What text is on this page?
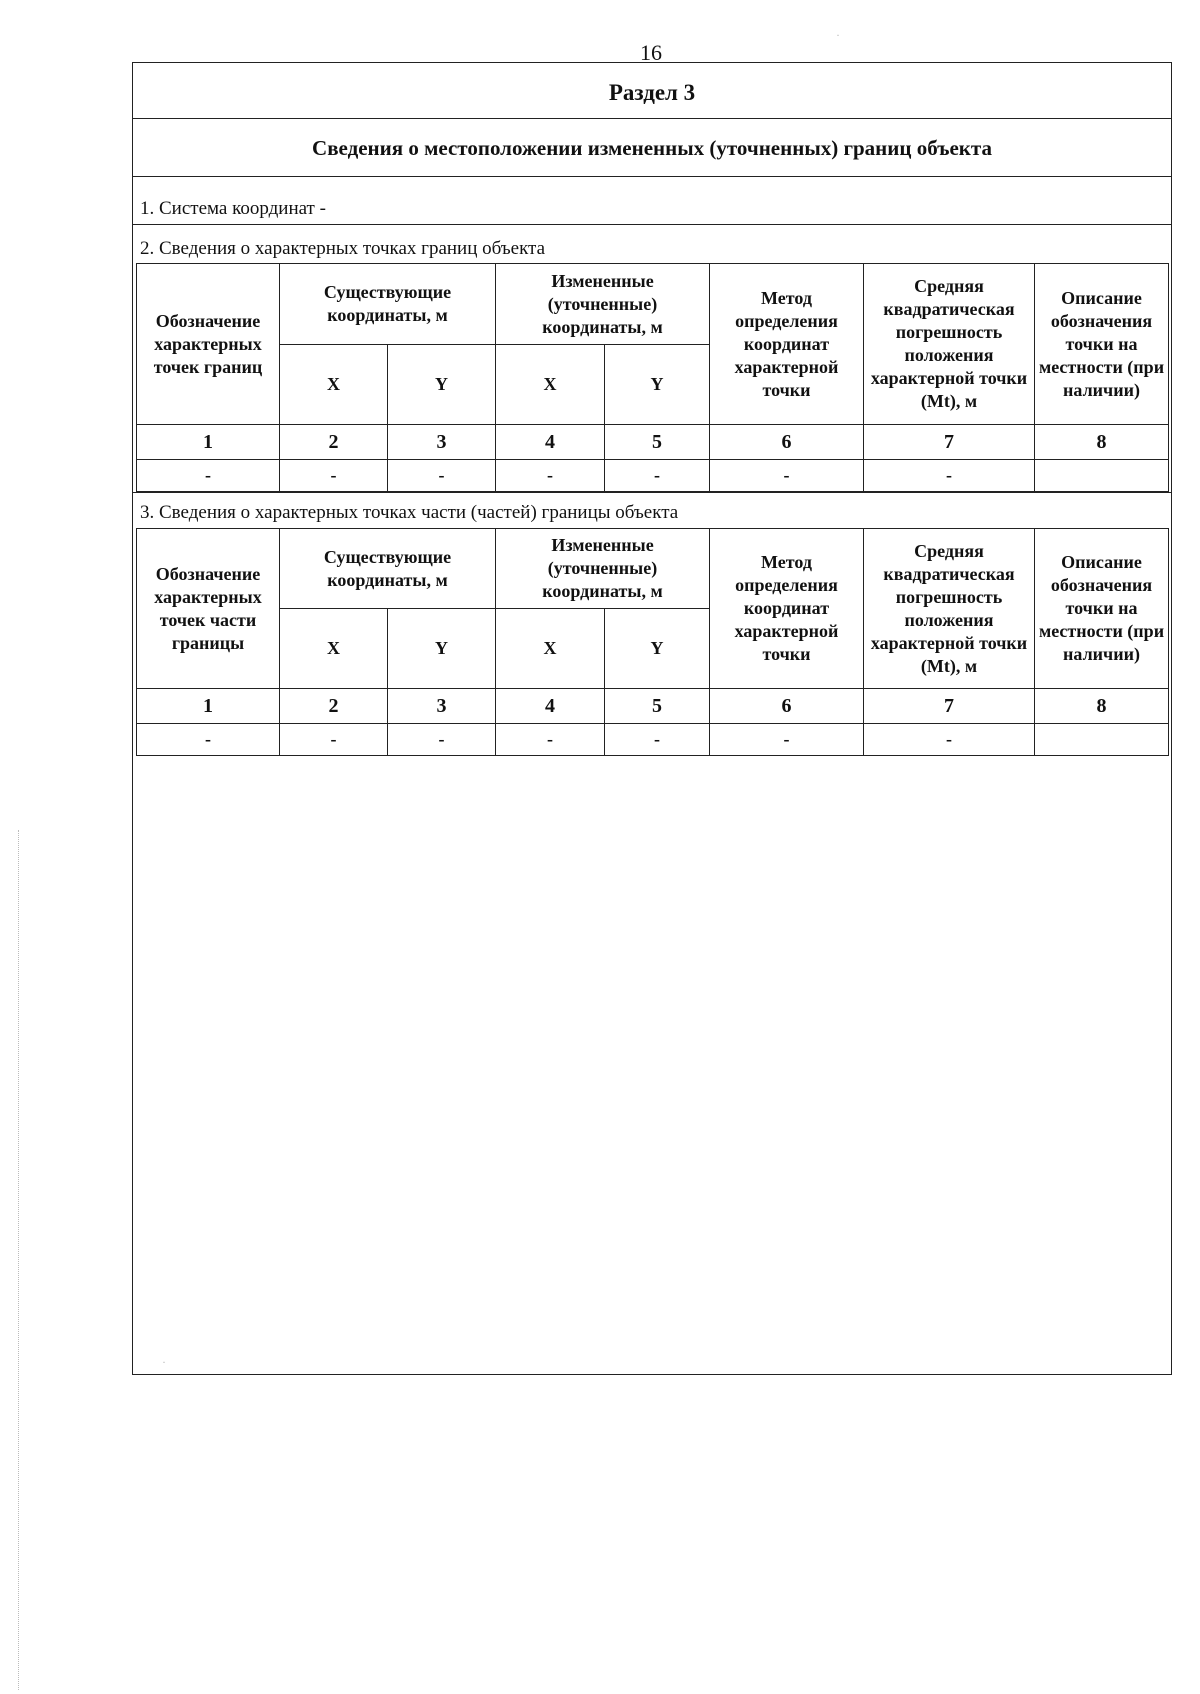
16
Раздел 3
Сведения о местоположении измененных (уточненных) границ объекта
1. Система координат -
2. Сведения о характерных точках границ объекта
Обозначение характерных точек границ	Существующие координаты, м		Измененные (уточненные) координаты, м		Метод определения координат характерной точки	Средняя квадратическая погрешность положения характерной точки (Mt), м	Описание обозначения точки на местности (при наличии)
	X	Y	X	Y			
1	2	3	4	5	6	7	8
-	-	-	-	-	-	-	
3. Сведения о характерных точках части (частей) границы объекта
Обозначение характерных точек части границы	Существующие координаты, м		Измененные (уточненные) координаты, м		Метод определения координат характерной точки	Средняя квадратическая погрешность положения характерной точки (Mt), м	Описание обозначения точки на местности (при наличии)
	X	Y	X	Y			
1	2	3	4	5	6	7	8
-	-	-	-	-	-	-	
·
·
